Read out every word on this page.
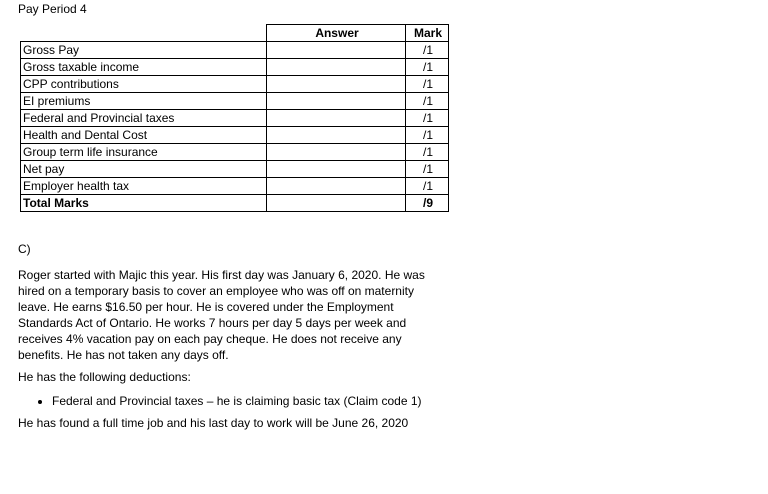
Pay Period 4
	Answer	Mark
Gross Pay		/1
Gross taxable income		/1
CPP contributions		/1
EI premiums		/1
Federal and Provincial taxes		/1
Health and Dental Cost		/1
Group term life insurance		/1
Net pay		/1
Employer health tax		/1
Total Marks		/9

C)

Roger started with Majic this year. His first day was January 6, 2020. He was hired on a temporary basis to cover an employee who was off on maternity leave. He earns $16.50 per hour. He is covered under the Employment Standards Act of Ontario. He works 7 hours per day 5 days per week and receives 4% vacation pay on each pay cheque. He does not receive any benefits. He has not taken any days off.

He has the following deductions:

• Federal and Provincial taxes – he is claiming basic tax (Claim code 1)

He has found a full time job and his last day to work will be June 26, 2020
